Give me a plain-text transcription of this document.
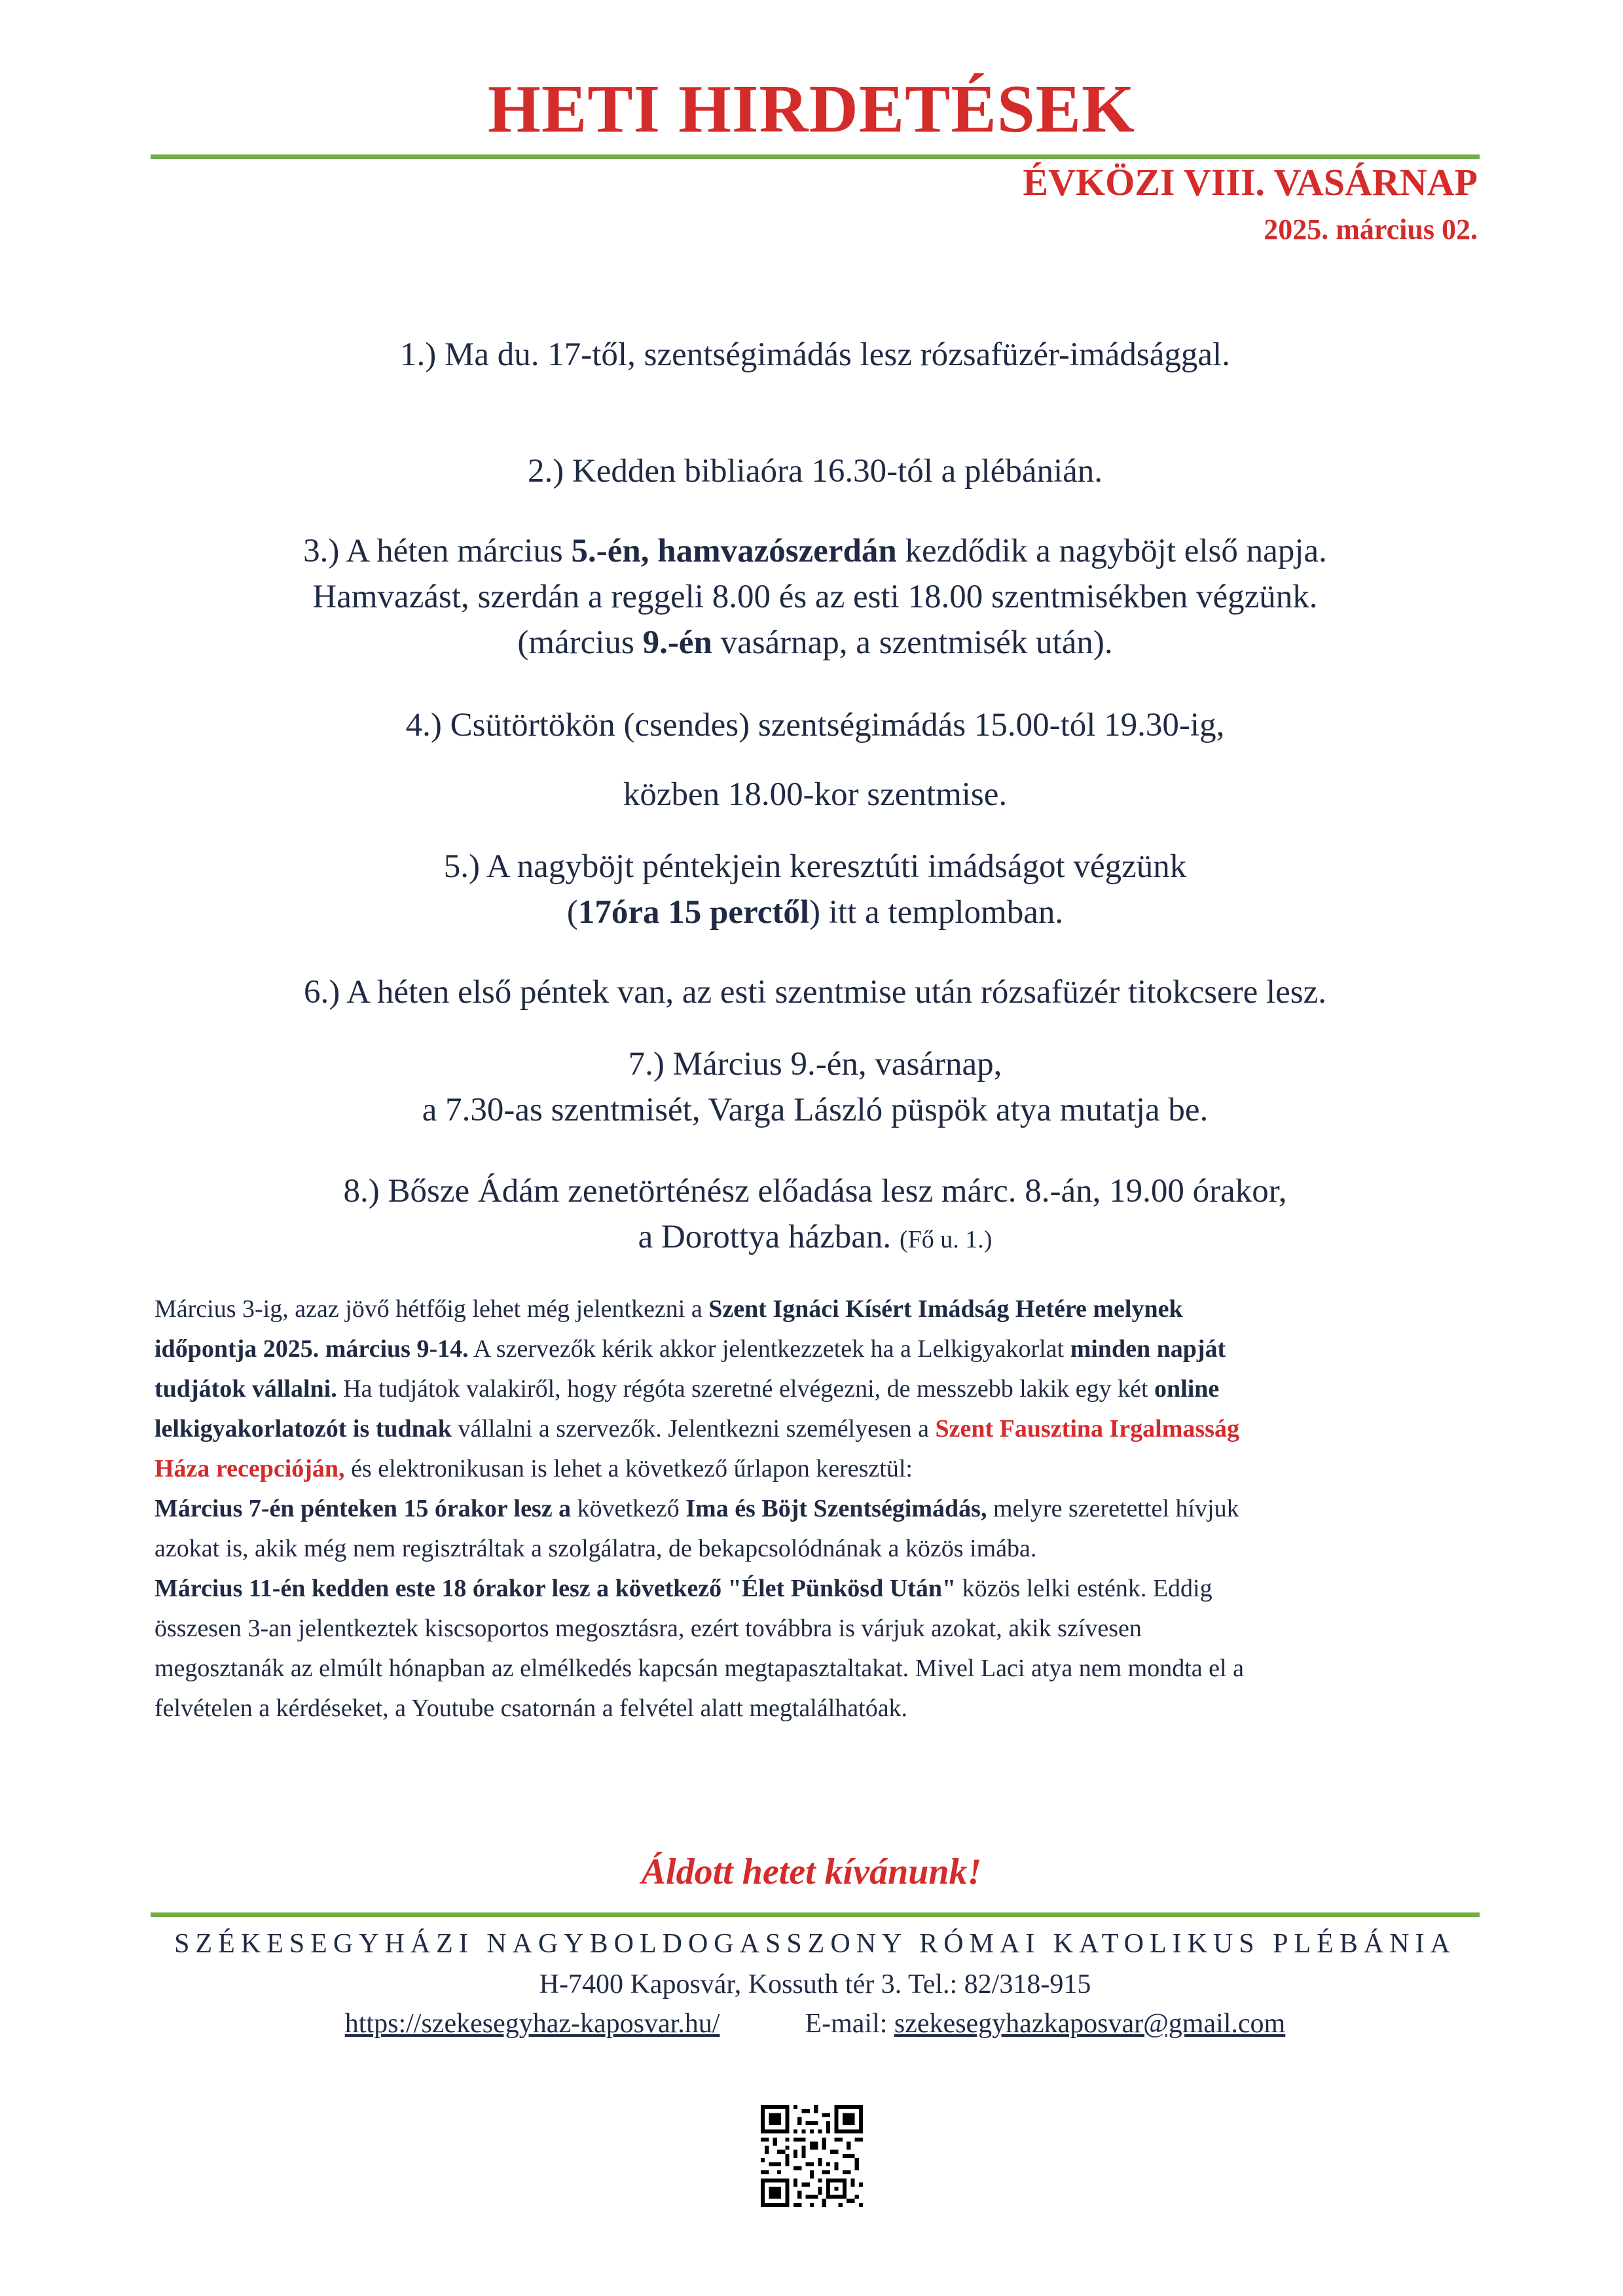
HETI HIRDETÉSEK
ÉVKÖZI VIII. VASÁRNAP
2025. március 02.
1.) Ma du. 17-től, szentségimádás lesz rózsafüzér-imádsággal.
2.) Kedden bibliaóra 16.30-tól a plébánián.
3.) A héten március 5.-én, hamvazószerdán kezdődik a nagyböjt első napja.
Hamvazást, szerdán a reggeli 8.00 és az esti 18.00 szentmisékben végzünk.
(március 9.-én vasárnap, a szentmisék után).
4.) Csütörtökön (csendes) szentségimádás 15.00-tól 19.30-ig,
közben 18.00-kor szentmise.
5.) A nagyböjt péntekjein keresztúti imádságot végzünk
(17óra 15 perctől) itt a templomban.
6.) A héten első péntek van, az esti szentmise után rózsafüzér titokcsere lesz.
7.) Március 9.-én, vasárnap,
a 7.30-as szentmisét, Varga László püspök atya mutatja be.
8.) Bősze Ádám zenetörténész előadása lesz márc. 8.-án, 19.00 órakor,
a Dorottya házban. (Fő u. 1.)
Március 3-ig, azaz jövő hétfőig lehet még jelentkezni a Szent Ignáci Kísért Imádság Hetére melynek
időpontja 2025. március 9-14. A szervezők kérik akkor jelentkezzetek ha a Lelkigyakorlat minden napját
tudjátok vállalni. Ha tudjátok valakiről, hogy régóta szeretné elvégezni, de messzebb lakik egy két online
lelkigyakorlatozót is tudnak vállalni a szervezők. Jelentkezni személyesen a Szent Fausztina Irgalmasság
Háza recepcióján, és elektronikusan is lehet a következő űrlapon keresztül:
Március 7-én pénteken 15 órakor lesz a következő Ima és Böjt Szentségimádás, melyre szeretettel hívjuk
azokat is, akik még nem regisztráltak a szolgálatra, de bekapcsolódnának a közös imába.
Március 11-én kedden este 18 órakor lesz a következő "Élet Pünkösd Után" közös lelki esténk. Eddig
összesen 3-an jelentkeztek kiscsoportos megosztásra, ezért továbbra is várjuk azokat, akik szívesen
megosztanák az elmúlt hónapban az elmélkedés kapcsán megtapasztaltakat. Mivel Laci atya nem mondta el a
felvételen a kérdéseket, a Youtube csatornán a felvétel alatt megtalálhatóak.
Áldott hetet kívánunk!
SZÉKESEGYHÁZI NAGYBOLDOGASSZONY RÓMAI KATOLIKUS PLÉBÁNIA
H-7400 Kaposvár, Kossuth tér 3. Tel.: 82/318-915
https://szekesegyhaz-kaposvar.hu/	E-mail: szekesegyhazkaposvar@gmail.com
